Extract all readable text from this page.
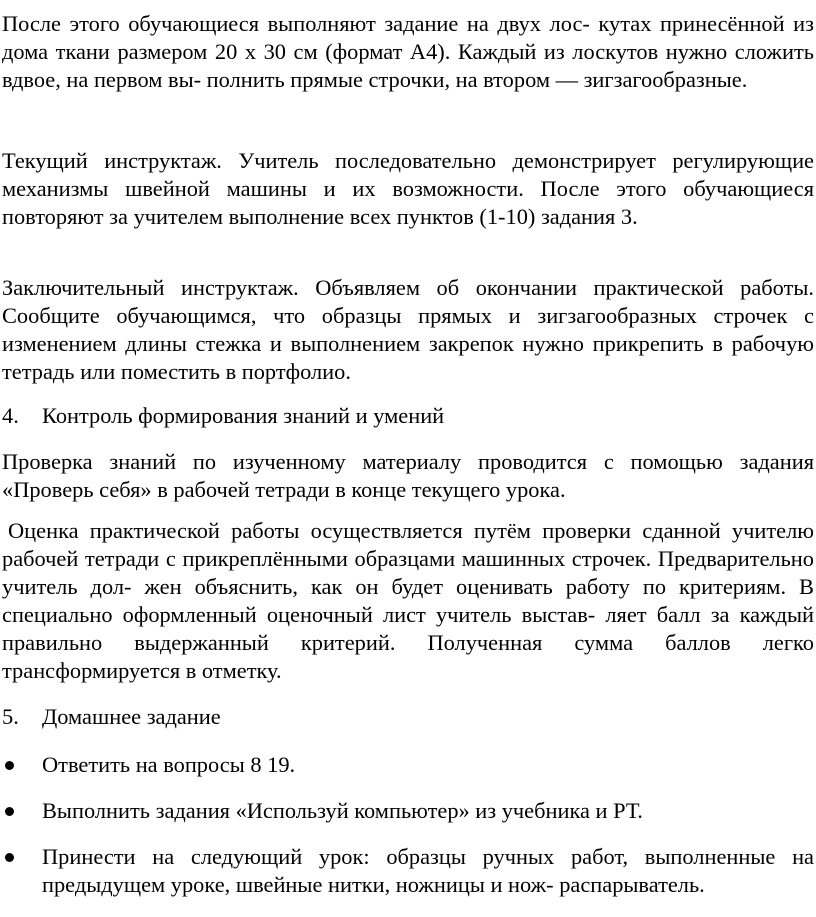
После этого обучающиеся выполняют задание на двух лос- кутах принесённой из дома ткани размером 20 х 30 см (формат А4). Каждый из лоскутов нужно сложить вдвое, на первом вы- полнить прямые строчки, на втором — зигзагообразные.

Текущий инструктаж. Учитель последовательно демонстрирует регулирующие механизмы швейной машины и их возможности. После этого обучающиеся повторяют за учителем выполнение всех пунктов (1-10) задания 3.

Заключительный инструктаж. Объявляем об окончании практической работы. Сообщите обучающимся, что образцы прямых и зигзагообразных строчек с изменением длины стежка и выполнением закрепок нужно прикрепить в рабочую тетрадь или поместить в портфолио.

4.	Контроль формирования знаний и умений

Проверка знаний по изученному материалу проводится с помощью задания «Проверь себя» в рабочей тетради в конце текущего урока.

Оценка практической работы осуществляется путём проверки сданной учителю рабочей тетради с прикреплёнными образцами машинных строчек. Предварительно учитель дол- жен объяснить, как он будет оценивать работу по критериям. В специально оформленный оценочный лист учитель выстав- ляет балл за каждый правильно выдержанный критерий. Полученная сумма баллов легко трансформируется в отметку.

5.	Домашнее задание
Ответить на вопросы 8 19.
Выполнить задания «Используй компьютер» из учебника и РТ.
Принести на следующий урок: образцы ручных работ, выполненные на предыдущем уроке, швейные нитки, ножницы и нож- распарыватель.
